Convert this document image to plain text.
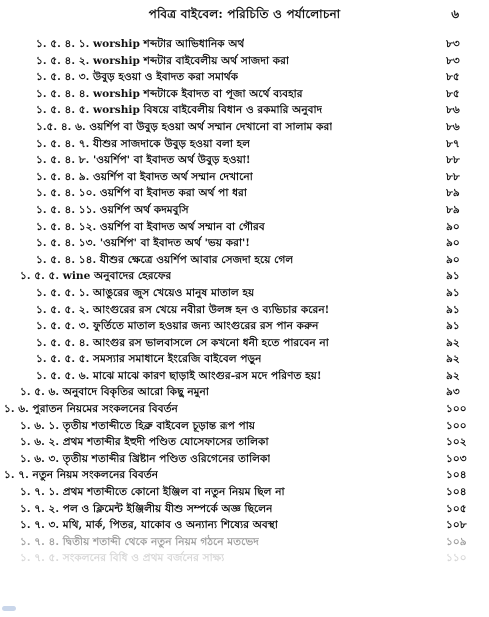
পবিত্র বাইবেল: পরিচিতি ও পর্যালোচনা	৬
১. ৫. ৪. ১. worship শব্দটার আভিধানিক অর্থ	৮৩
১. ৫. ৪. ২. worship শব্দটার বাইবেলীয় অর্থ সাজদা করা	৮৩
১. ৫. ৪. ৩. উবুড় হওয়া ও ইবাদত করা সমার্থক	৮৫
১. ৫. ৪. ৪. worship শব্দটাকে ইবাদত বা পূজা অর্থে ব্যবহার	৮৫
১. ৫. ৪. ৫. worship বিষয়ে বাইবেলীয় বিধান ও রকমারি অনুবাদ	৮৬
১.৫. ৪. ৬. ওয়র্শিপ বা উবুড় হওয়া অর্থ সম্মান দেখানো বা সালাম করা	৮৬
১. ৫. ৪. ৭. যীশুর সাজদাকে উবুড় হওয়া বলা হল	৮৭
১. ৫. ৪. ৮. 'ওয়র্শিপ' বা ইবাদত অর্থ উবুড় হওয়া!	৮৮
১. ৫. ৪. ৯. ওয়র্শিপ বা ইবাদত অর্থ সম্মান দেখানো	৮৮
১. ৫. ৪. ১০. ওয়র্শিপ বা ইবাদত করা অর্থ পা ধরা	৮৯
১. ৫. ৪. ১১. ওয়র্শিপ অর্থ কদমবুসি	৮৯
১. ৫. ৪. ১২. ওয়র্শিপ বা ইবাদত অর্থ সম্মান বা গৌরব	৯০
১. ৫. ৪. ১৩. 'ওয়র্শিপ' বা ইবাদত অর্থ 'ভয় করা'!	৯০
১. ৫. ৪. ১৪. যীশুর ক্ষেত্রে ওয়র্শিপ আবার সেজদা হয়ে গেল	৯০
১. ৫. ৫. wine অনুবাদের হেরফের	৯১
১. ৫. ৫. ১. আঙুরের জুস খেয়েও মানুষ মাতাল হয়	৯১
১. ৫. ৫. ২. আংগুরের রস খেয়ে নবীরা উলঙ্গ হন ও ব্যভিচার করেন!	৯১
১. ৫. ৫. ৩. ফুর্তিতে মাতাল হওয়ার জন্য আংগুরের রস পান করুন	৯১
১. ৫. ৫. ৪. আংগুর রস ভালবাসলে সে কখনো ধনী হতে পারবেন না	৯২
১. ৫. ৫. ৫. সমস্যার সমাধানে ইংরেজি বাইবেল পড়ুন	৯২
১. ৫. ৫. ৬. মাঝে মাঝে কারণ ছাড়াই আংগুর-রস মদে পরিণত হয়!	৯২
১. ৫. ৬. অনুবাদে বিকৃতির আরো কিছু নমুনা	৯৩
১. ৬. পুরাতন নিয়মের সংকলনের বিবর্তন	১০০
১. ৬. ১. তৃতীয় শতাব্দীতে হিব্রু বাইবেল চূড়ান্ত রূপ পায়	১০০
১. ৬. ২. প্রথম শতাব্দীর ইহুদী পণ্ডিত যোসেফাসের তালিকা	১০২
১. ৬. ৩. তৃতীয় শতাব্দীর খ্রিষ্টান পণ্ডিত ওরিগেনের তালিকা	১০৩
১. ৭. নতুন নিয়ম সংকলনের বিবর্তন	১০৪
১. ৭. ১. প্রথম শতাব্দীতে কোনো ইঞ্জিল বা নতুন নিয়ম ছিল না	১০৪
১. ৭. ২. পল ও ক্লিমেন্ট ইঞ্জিলীয় যীশু সম্পর্কে অজ্ঞ ছিলেন	১০৫
১. ৭. ৩. মথি, মার্ক, পিতর, যাকোব ও অন্যান্য শিষ্যের অবস্থা	১০৮
১. ৭. ৪. দ্বিতীয় শতাব্দী থেকে নতুন নিয়ম গঠনে মতভেদ	১০৯
১. ৭. ৫. সংকলনের বিধি ও প্রথম বর্জনের সাক্ষ্য	১১০
